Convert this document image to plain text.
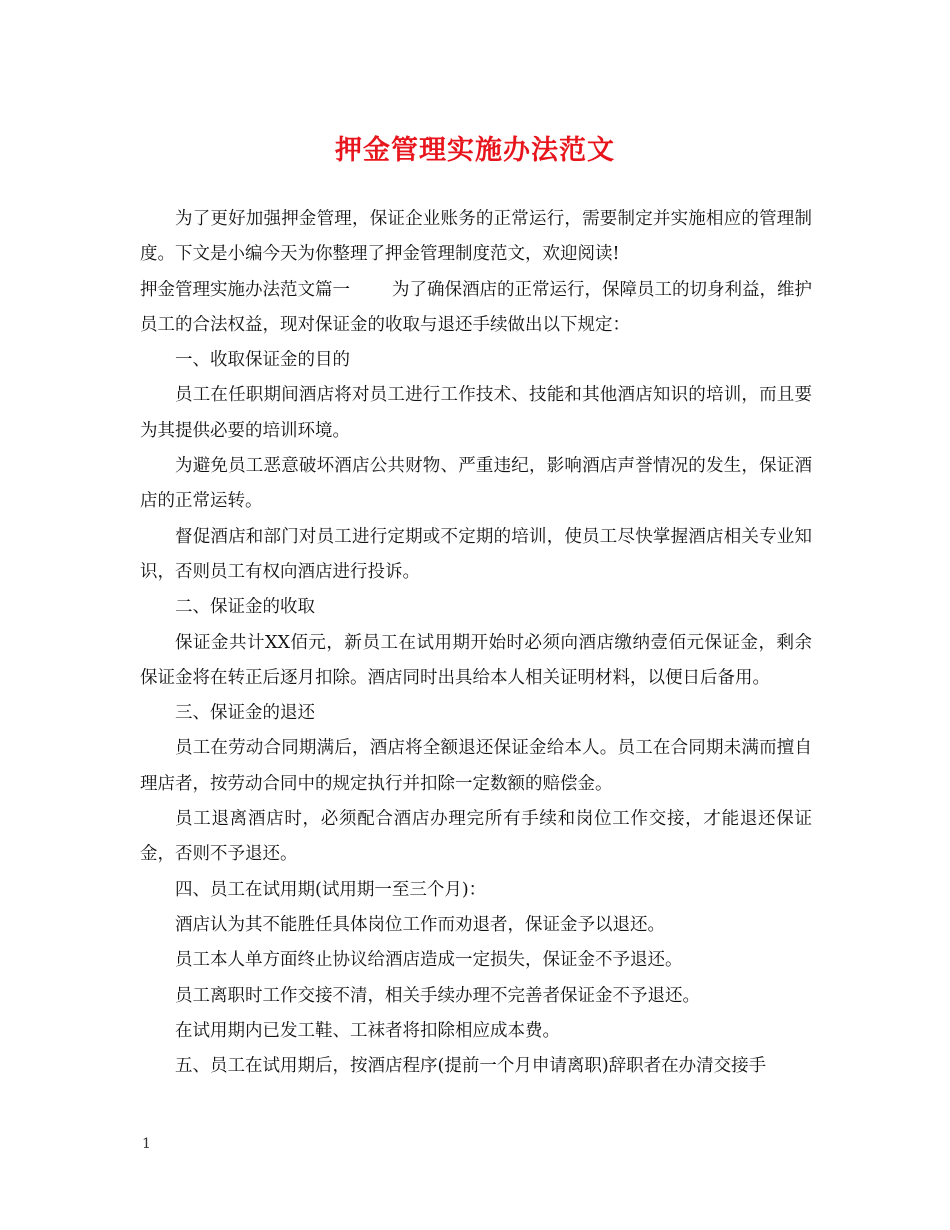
押金管理实施办法范文

为了更好加强押金管理，保证企业账务的正常运行，需要制定并实施相应的管理制度。下文是小编今天为你整理了押金管理制度范文，欢迎阅读!

押金管理实施办法范文篇一 为了确保酒店的正常运行，保障员工的切身利益，维护员工的合法权益，现对保证金的收取与退还手续做出以下规定：

一、收取保证金的目的

员工在任职期间酒店将对员工进行工作技术、技能和其他酒店知识的培训，而且要为其提供必要的培训环境。

为避免员工恶意破坏酒店公共财物、严重违纪，影响酒店声誉情况的发生，保证酒店的正常运转。

督促酒店和部门对员工进行定期或不定期的培训，使员工尽快掌握酒店相关专业知识，否则员工有权向酒店进行投诉。

二、保证金的收取

保证金共计XX佰元，新员工在试用期开始时必须向酒店缴纳壹佰元保证金，剩余保证金将在转正后逐月扣除。酒店同时出具给本人相关证明材料，以便日后备用。

三、保证金的退还

员工在劳动合同期满后，酒店将全额退还保证金给本人。员工在合同期未满而擅自理店者，按劳动合同中的规定执行并扣除一定数额的赔偿金。

员工退离酒店时，必须配合酒店办理完所有手续和岗位工作交接，才能退还保证金，否则不予退还。

四、员工在试用期(试用期一至三个月)：

酒店认为其不能胜任具体岗位工作而劝退者，保证金予以退还。

员工本人单方面终止协议给酒店造成一定损失，保证金不予退还。

员工离职时工作交接不清，相关手续办理不完善者保证金不予退还。

在试用期内已发工鞋、工袜者将扣除相应成本费。

五、员工在试用期后，按酒店程序(提前一个月申请离职)辞职者在办清交接手

1
